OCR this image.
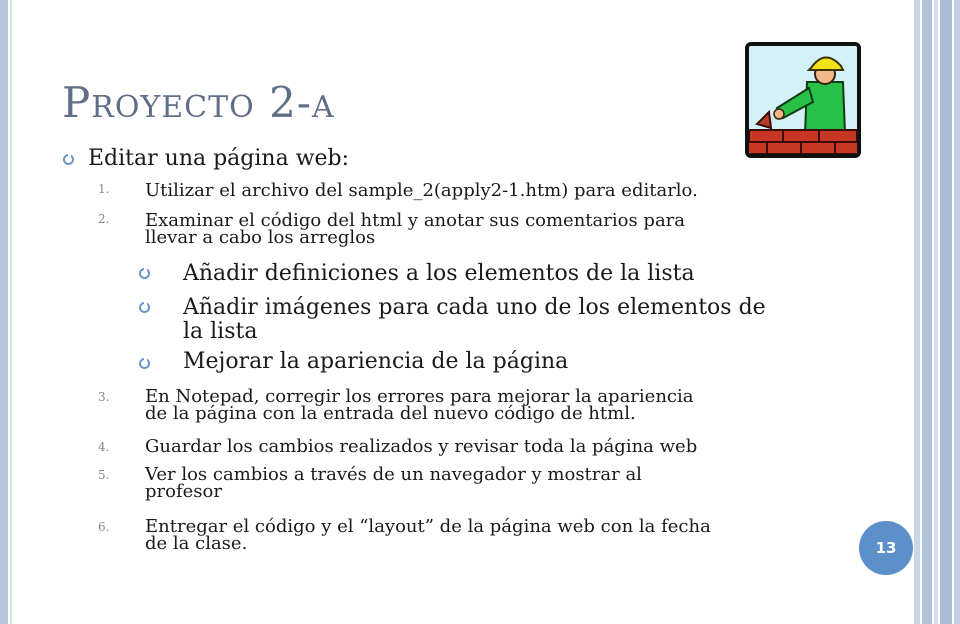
PROYECTO 2-A
Editar una página web:
1. Utilizar el archivo del sample_2(apply2-1.htm) para editarlo.
2. Examinar el código del html y anotar sus comentarios para
llevar a cabo los arreglos
Añadir definiciones a los elementos de la lista
Añadir imágenes para cada uno de los elementos de
la lista
Mejorar la apariencia de la página
3. En Notepad, corregir los errores para mejorar la apariencia
de la página con la entrada del nuevo código de html.
4. Guardar los cambios realizados y revisar toda la página web
5. Ver los cambios a través de un navegador y mostrar al
profesor
6. Entregar el código y el “layout” de la página web con la fecha
de la clase.	13
